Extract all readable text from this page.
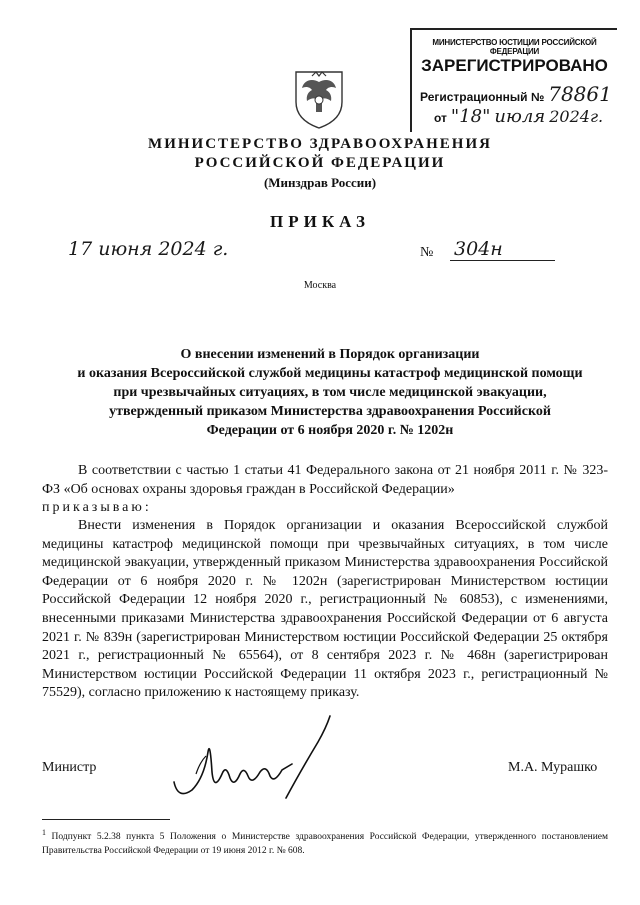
МИНИСТЕРСТВО ЮСТИЦИИ РОССИЙСКОЙ ФЕДЕРАЦИИ
ЗАРЕГИСТРИРОВАНО
Регистрационный № 78861
от "18" июля 2024г.
МИНИСТЕРСТВО ЗДРАВООХРАНЕНИЯ
РОССИЙСКОЙ ФЕДЕРАЦИИ
(Минздрав России)
ПРИКАЗ
17 июня 2024 г.	№ 304н
Москва
О внесении изменений в Порядок организации
и оказания Всероссийской службой медицины катастроф медицинской помощи
при чрезвычайных ситуациях, в том числе медицинской эвакуации,
утвержденный приказом Министерства здравоохранения Российской
Федерации от 6 ноября 2020 г. № 1202н
В соответствии с частью 1 статьи 41 Федерального закона от 21 ноября 2011 г. № 323-ФЗ «Об основах охраны здоровья граждан в Российской Федерации»
приказываю:
Внести изменения в Порядок организации и оказания Всероссийской службой медицины катастроф медицинской помощи при чрезвычайных ситуациях, в том числе медицинской эвакуации, утвержденный приказом Министерства здравоохранения Российской Федерации от 6 ноября 2020 г. № 1202н (зарегистрирован Министерством юстиции Российской Федерации 12 ноября 2020 г., регистрационный № 60853), с изменениями, внесенными приказами Министерства здравоохранения Российской Федерации от 6 августа 2021 г. № 839н (зарегистрирован Министерством юстиции Российской Федерации 25 октября 2021 г., регистрационный № 65564), от 8 сентября 2023 г. № 468н (зарегистрирован Министерством юстиции Российской Федерации 11 октября 2023 г., регистрационный № 75529), согласно приложению к настоящему приказу.
Министр	М.А. Мурашко
$^1$ Подпункт 5.2.38 пункта 5 Положения о Министерстве здравоохранения Российской Федерации, утвержденного постановлением Правительства Российской Федерации от 19 июня 2012 г. № 608.
